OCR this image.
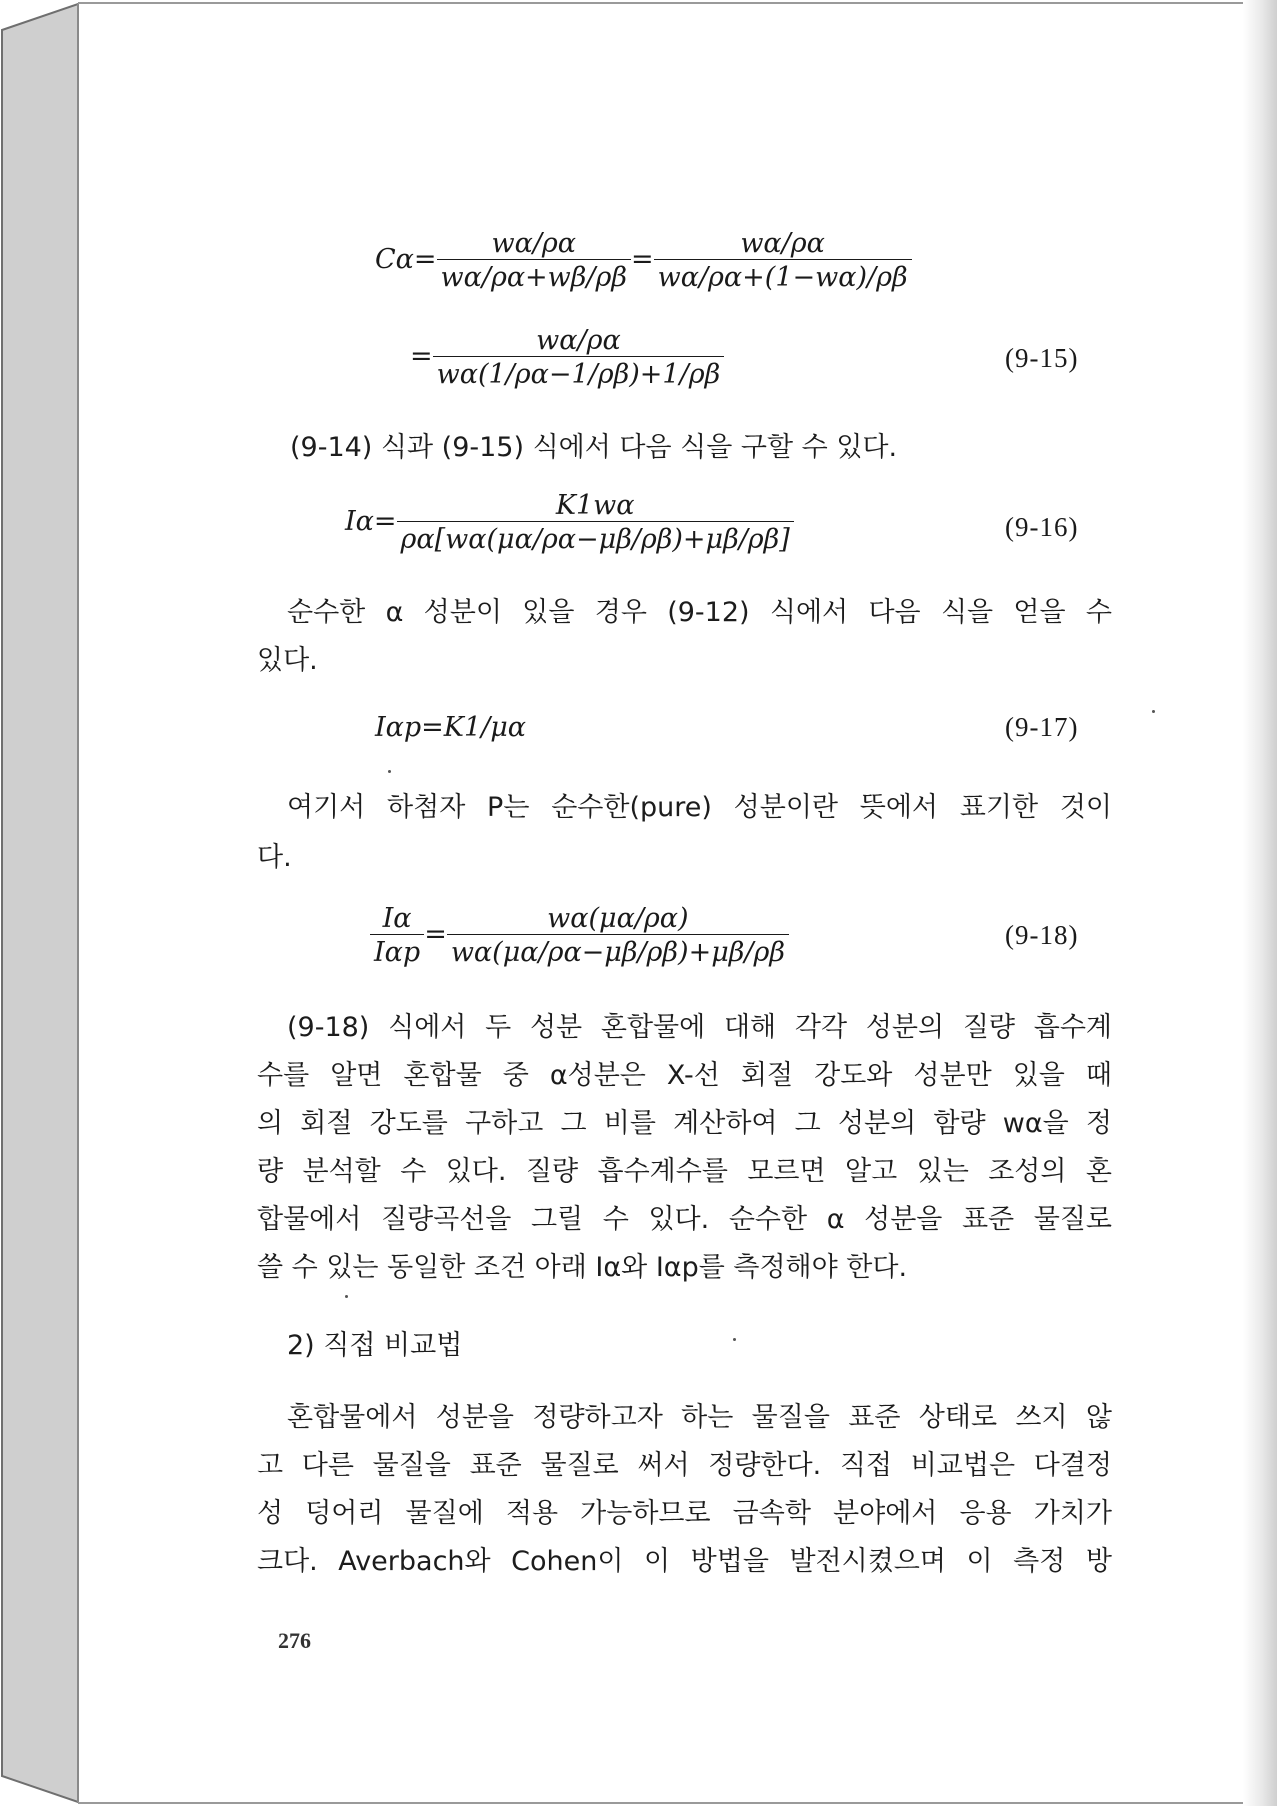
$C\alpha= \frac{w\alpha/\rho\alpha}{w\alpha/\rho\alpha+w\beta/\rho\beta} = \frac{w\alpha/\rho\alpha}{w\alpha/\rho\alpha+(1-w\alpha)/\rho\beta}$
= $\frac{w\alpha/\rho\alpha}{w\alpha(1/\rho\alpha-1/\rho\beta)+1/\rho\beta}$	(9-15)
(9-14) 식과 (9-15) 식에서 다음 식을 구할 수 있다.
$I\alpha= \frac{K1w\alpha}{\rho\alpha[w\alpha(\mu\alpha/\rho\alpha-\mu\beta/\rho\beta)+\mu\beta/\rho\beta]}$	(9-16)
순수한 α 성분이 있을 경우 (9-12) 식에서 다음 식을 얻을 수
있다.
Iαp=K1/μα	(9-17)
여기서 하첨자 P는 순수한(pure) 성분이란 뜻에서 표기한 것이
다.
$\frac{I\alpha}{\text{Iαp}} = \frac{w\alpha(\mu\alpha/\rho\alpha)}{w\alpha(\mu\alpha/\rho\alpha-\mu\beta/\rho\beta)+\mu\beta/\rho\beta}$	(9-18)
(9-18) 식에서 두 성분 혼합물에 대해 각각 성분의 질량 흡수계
수를 알면 혼합물 중 α성분은 X-선 회절 강도와 성분만 있을 때
의 회절 강도를 구하고 그 비를 계산하여 그 성분의 함량 wα을 정
량 분석할 수 있다. 질량 흡수계수를 모르면 알고 있는 조성의 혼
합물에서 질량곡선을 그릴 수 있다. 순수한 α 성분을 표준 물질로
쓸 수 있는 동일한 조건 아래 Iα와 Iαp를 측정해야 한다.
2) 직접 비교법
혼합물에서 성분을 정량하고자 하는 물질을 표준 상태로 쓰지 않
고 다른 물질을 표준 물질로 써서 정량한다. 직접 비교법은 다결정
성 덩어리 물질에 적용 가능하므로 금속학 분야에서 응용 가치가
크다. Averbach와 Cohen이 이 방법을 발전시켰으며 이 측정 방
276
